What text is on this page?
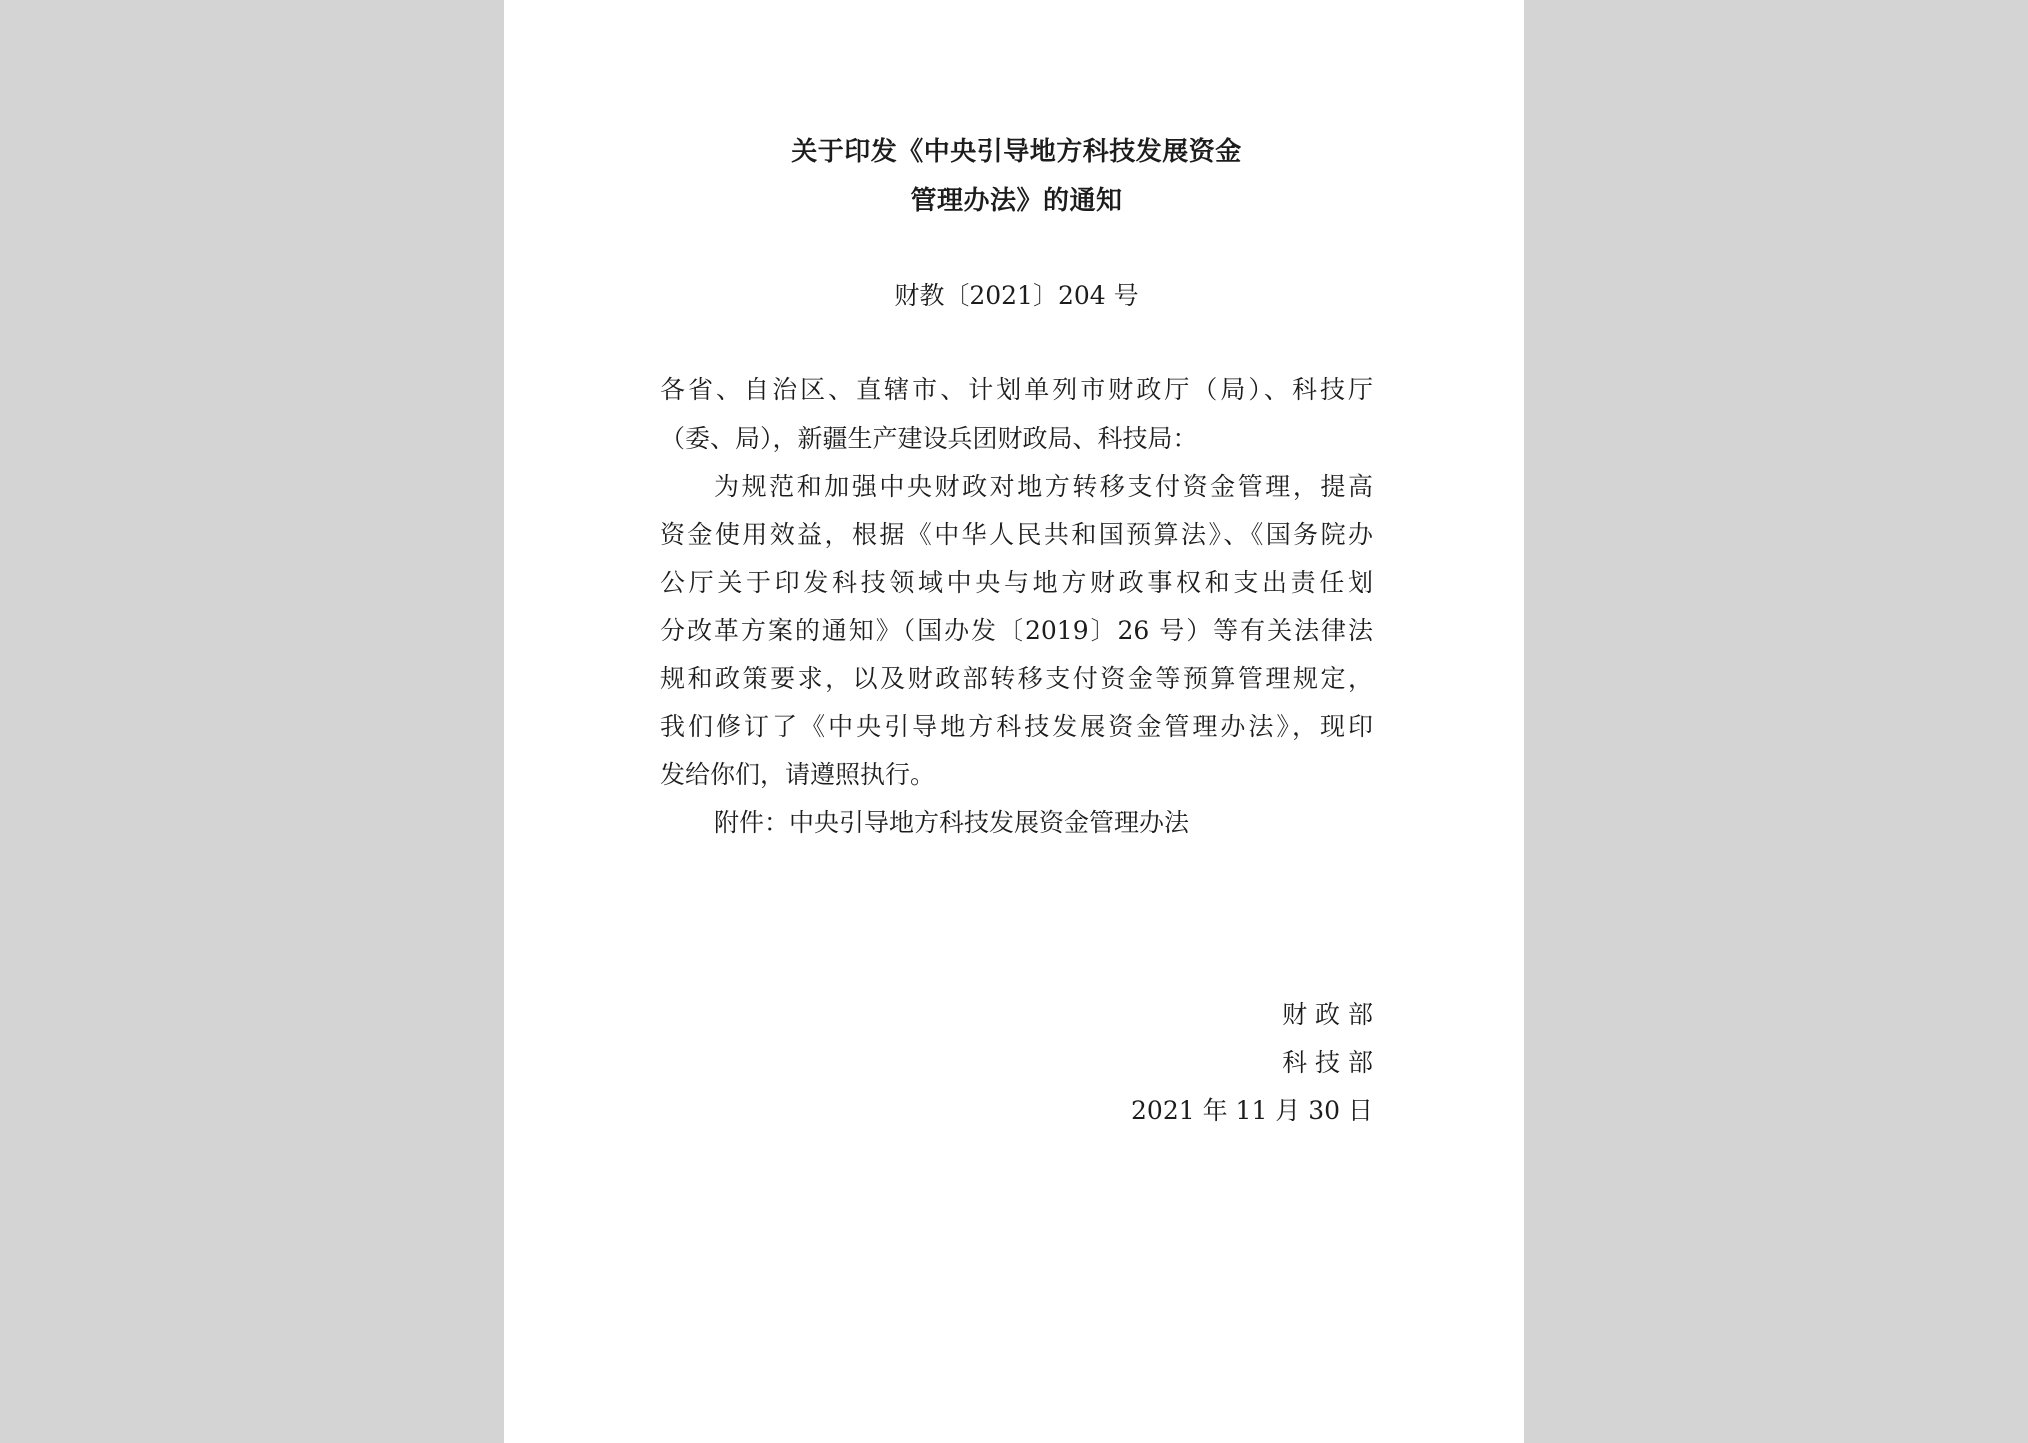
关于印发《中央引导地方科技发展资金
管理办法》的通知
财教〔2021〕204 号
各省、自治区、直辖市、计划单列市财政厅（局）、科技厅
（委、局），新疆生产建设兵团财政局、科技局：
为规范和加强中央财政对地方转移支付资金管理，提高
资金使用效益，根据《中华人民共和国预算法》、《国务院办
公厅关于印发科技领域中央与地方财政事权和支出责任划
分改革方案的通知》（国办发〔2019〕26 号）等有关法律法
规和政策要求，以及财政部转移支付资金等预算管理规定，
我们修订了《中央引导地方科技发展资金管理办法》，现印
发给你们，请遵照执行。
附件：中央引导地方科技发展资金管理办法
财 政 部
科 技 部
2021 年 11 月 30 日
